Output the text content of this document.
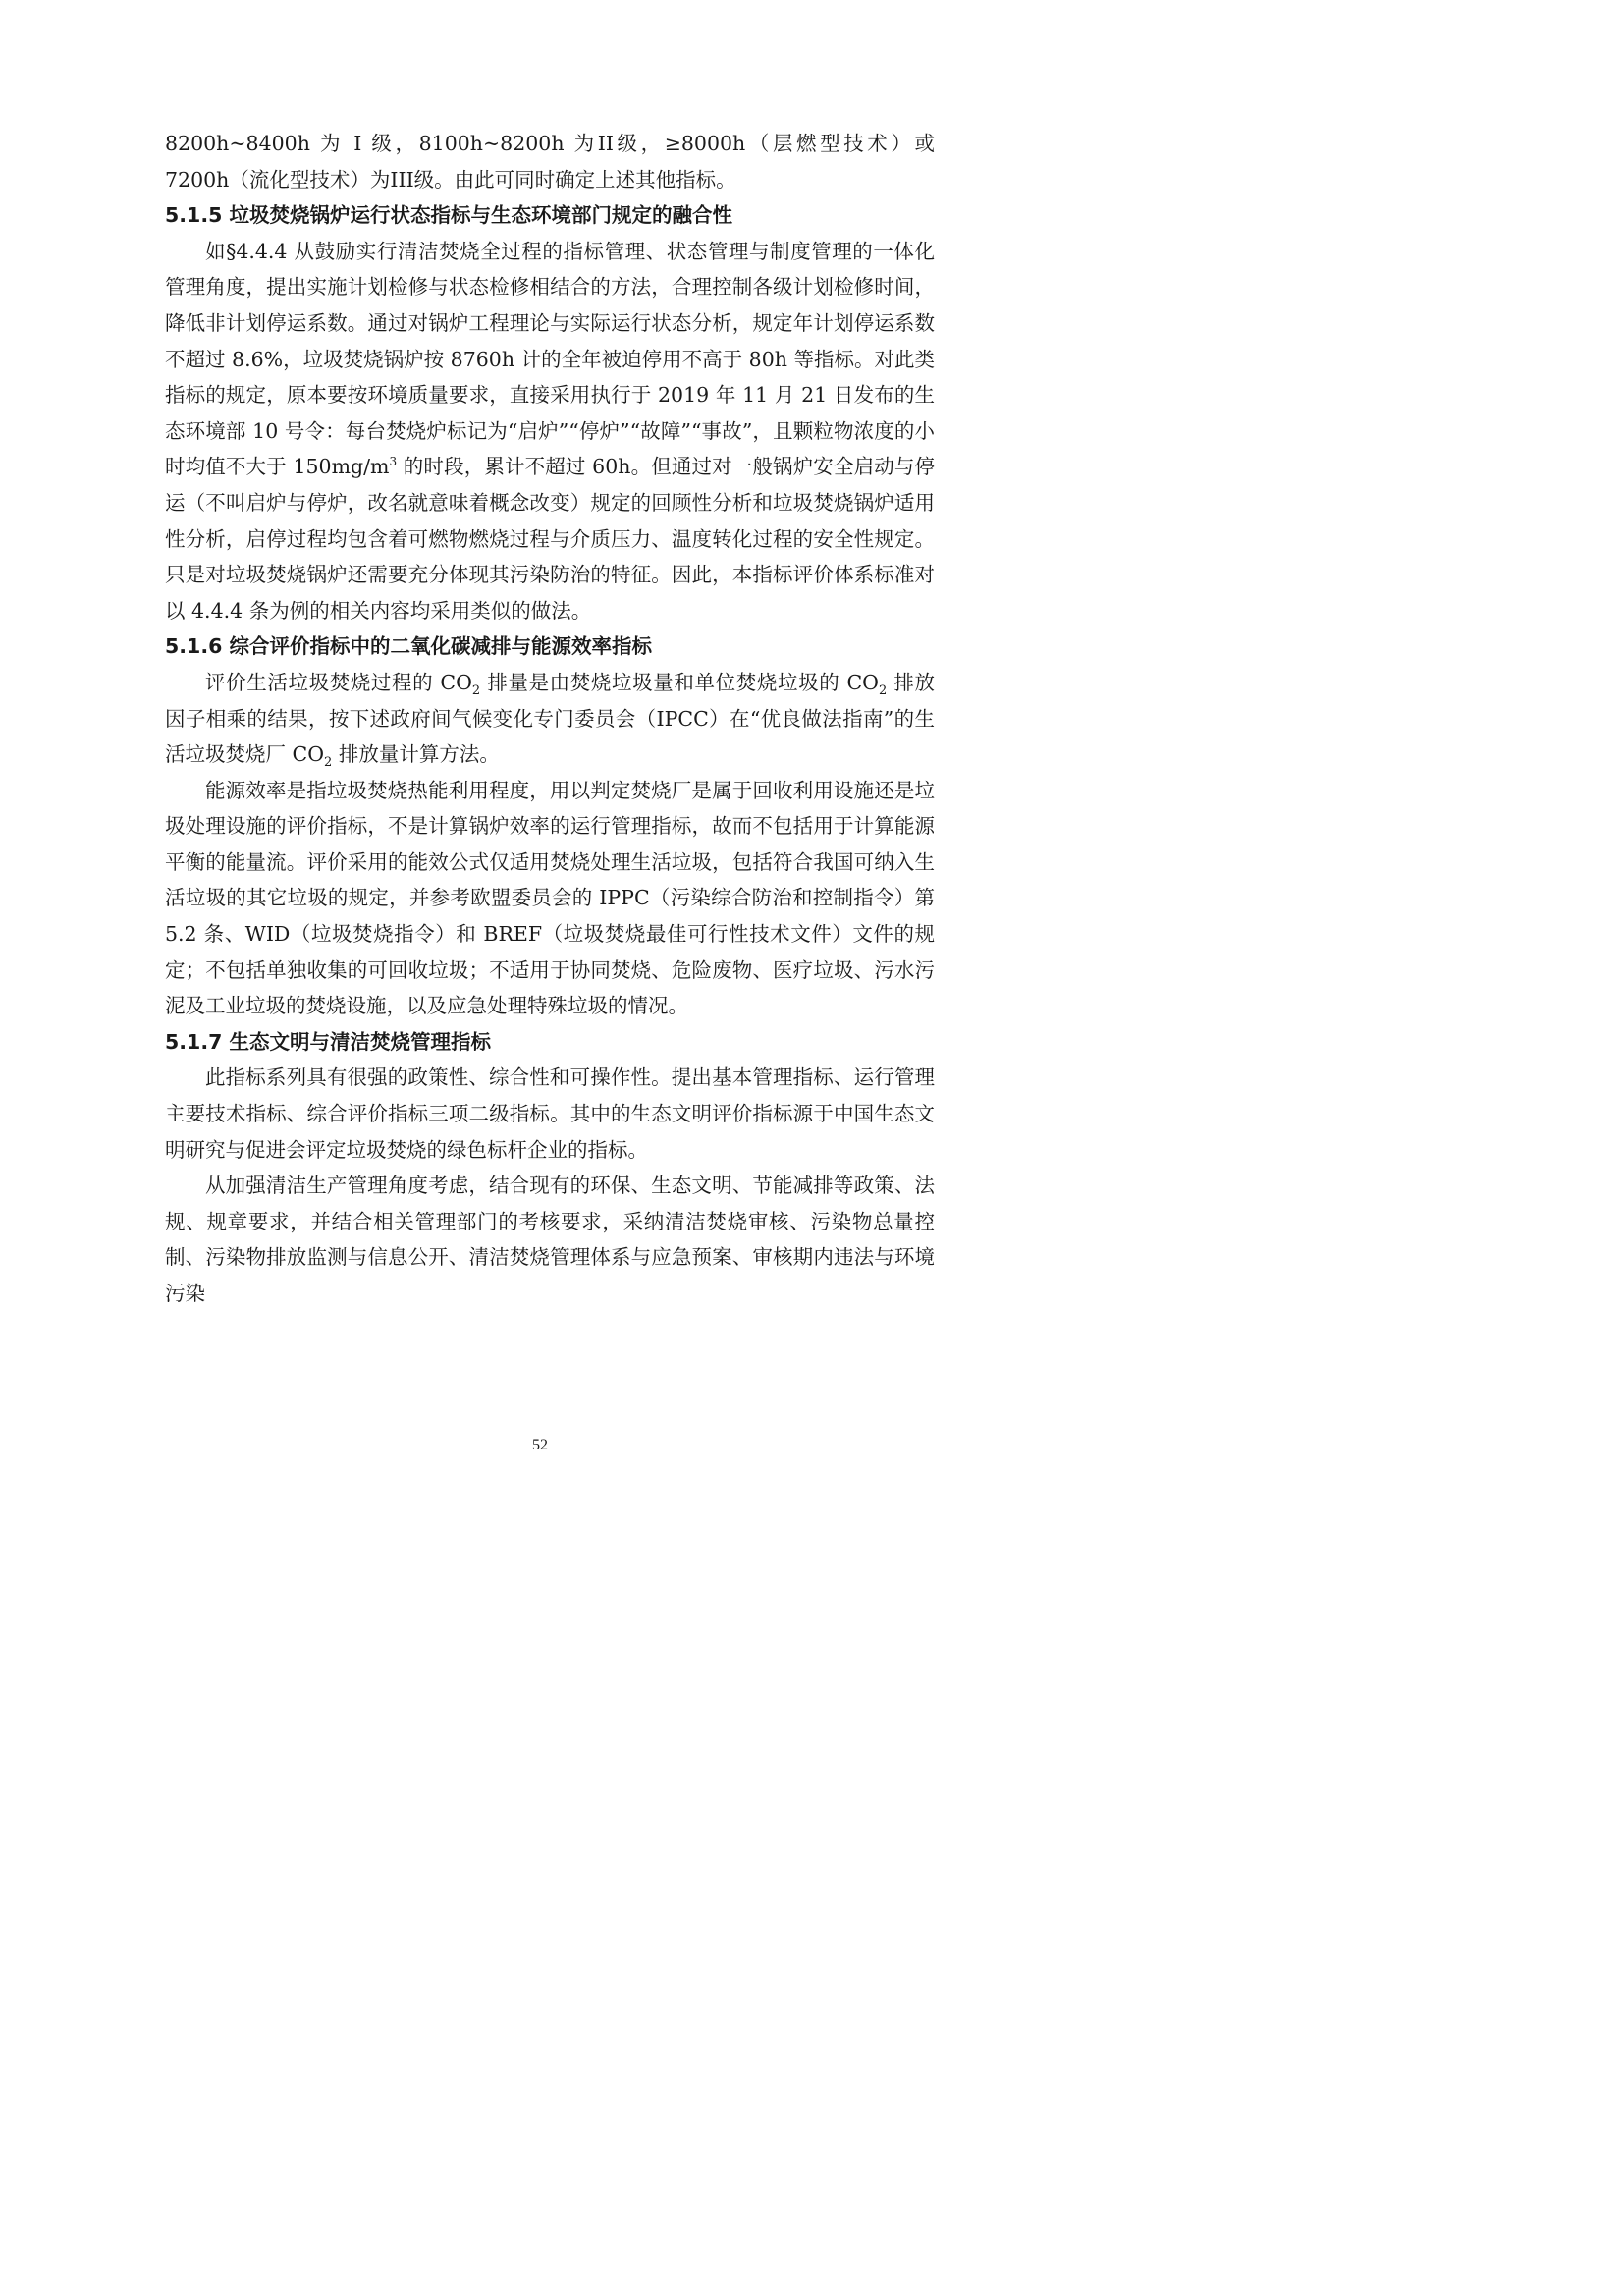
8200h~8400h 为 I 级，8100h~8200h 为II级，≥8000h（层燃型技术）或 7200h（流化型技术）为III级。由此可同时确定上述其他指标。

5.1.5 垃圾焚烧锅炉运行状态指标与生态环境部门规定的融合性

如§4.4.4 从鼓励实行清洁焚烧全过程的指标管理、状态管理与制度管理的一体化管理角度，提出实施计划检修与状态检修相结合的方法，合理控制各级计划检修时间，降低非计划停运系数。通过对锅炉工程理论与实际运行状态分析，规定年计划停运系数不超过 8.6%，垃圾焚烧锅炉按 8760h 计的全年被迫停用不高于 80h 等指标。对此类指标的规定，原本要按环境质量要求，直接采用执行于 2019 年 11 月 21 日发布的生态环境部 10 号令：每台焚烧炉标记为“启炉”“停炉”“故障”“事故”，且颗粒物浓度的小时均值不大于 $150mg/m^3$ 的时段，累计不超过 60h。但通过对一般锅炉安全启动与停运（不叫启炉与停炉，改名就意味着概念改变）规定的回顾性分析和垃圾焚烧锅炉适用性分析，启停过程均包含着可燃物燃烧过程与介质压力、温度转化过程的安全性规定。只是对垃圾焚烧锅炉还需要充分体现其污染防治的特征。因此，本指标评价体系标准对以 4.4.4 条为例的相关内容均采用类似的做法。

5.1.6 综合评价指标中的二氧化碳减排与能源效率指标

评价生活垃圾焚烧过程的 $CO_2$ 排量是由焚烧垃圾量和单位焚烧垃圾的 $CO_2$ 排放因子相乘的结果，按下述政府间气候变化专门委员会（IPCC）在“优良做法指南”的生活垃圾焚烧厂 $CO_2$ 排放量计算方法。

能源效率是指垃圾焚烧热能利用程度，用以判定焚烧厂是属于回收利用设施还是垃圾处理设施的评价指标，不是计算锅炉效率的运行管理指标，故而不包括用于计算能源平衡的能量流。评价采用的能效公式仅适用焚烧处理生活垃圾，包括符合我国可纳入生活垃圾的其它垃圾的规定，并参考欧盟委员会的 IPPC（污染综合防治和控制指令）第 5.2 条、WID（垃圾焚烧指令）和 BREF（垃圾焚烧最佳可行性技术文件）文件的规定；不包括单独收集的可回收垃圾；不适用于协同焚烧、危险废物、医疗垃圾、污水污泥及工业垃圾的焚烧设施，以及应急处理特殊垃圾的情况。

5.1.7 生态文明与清洁焚烧管理指标

此指标系列具有很强的政策性、综合性和可操作性。提出基本管理指标、运行管理主要技术指标、综合评价指标三项二级指标。其中的生态文明评价指标源于中国生态文明研究与促进会评定垃圾焚烧的绿色标杆企业的指标。

从加强清洁生产管理角度考虑，结合现有的环保、生态文明、节能减排等政策、法规、规章要求，并结合相关管理部门的考核要求，采纳清洁焚烧审核、污染物总量控制、污染物排放监测与信息公开、清洁焚烧管理体系与应急预案、审核期内违法与环境污染

52
